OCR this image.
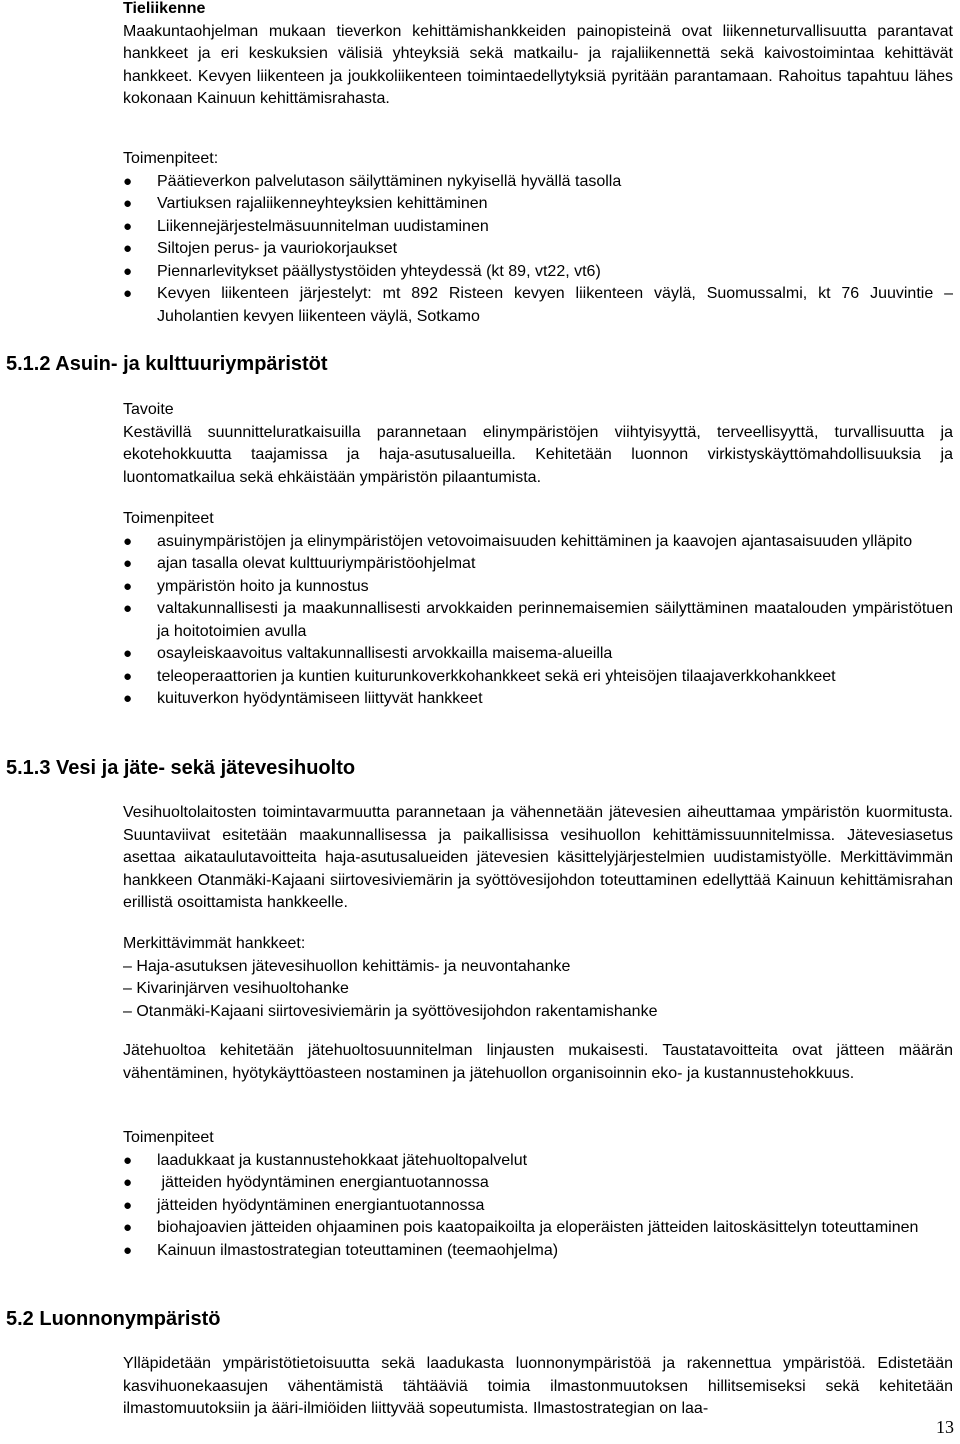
Tieliikenne

Maakuntaohjelman mukaan tieverkon kehittämishankkeiden painopisteinä ovat liikenneturvallisuutta parantavat hankkeet ja eri keskuksien välisiä yhteyksiä sekä matkailu- ja rajaliikennettä sekä kaivostoimintaa kehittävät hankkeet. Kevyen liikenteen ja joukkoliikenteen toimintaedellytyksiä pyritään parantamaan. Rahoitus tapahtuu lähes kokonaan Kainuun kehittämisrahasta.

Toimenpiteet:
● Päätieverkon palvelutason säilyttäminen nykyisellä hyvällä tasolla
● Vartiuksen rajaliikenneyhteyksien kehittäminen
● Liikennejärjestelmäsuunnitelman uudistaminen
● Siltojen perus- ja vauriokorjaukset
● Piennarlevitykset päällystystöiden yhteydessä (kt 89, vt22, vt6)
● Kevyen liikenteen järjestelyt: mt 892 Risteen kevyen liikenteen väylä, Suomussalmi, kt 76 Juuvintie – Juholantien kevyen liikenteen väylä, Sotkamo
5.1.2 Asuin- ja kulttuuriympäristöt
Tavoite

Kestävillä suunnitteluratkaisuilla parannetaan elinympäristöjen viihtyisyyttä, terveellisyyttä, turvallisuutta ja ekotehokkuutta taajamissa ja haja-asutusalueilla. Kehitetään luonnon virkistyskäyttömahdollisuuksia ja luontomatkailua sekä ehkäistään ympäristön pilaantumista.

Toimenpiteet
● asuinympäristöjen ja elinympäristöjen vetovoimaisuuden kehittäminen ja kaavojen ajantasaisuuden ylläpito
● ajan tasalla olevat kulttuuriympäristöohjelmat
● ympäristön hoito ja kunnostus
● valtakunnallisesti ja maakunnallisesti arvokkaiden perinnemaisemien säilyttäminen maatalouden ympäristötuen ja hoitotoimien avulla
● osayleiskaavoitus valtakunnallisesti arvokkailla maisema-alueilla
● teleoperaattorien ja kuntien kuiturunkoverkkohankkeet sekä eri yhteisöjen tilaajaverkkohankkeet
● kuituverkon hyödyntämiseen liittyvät hankkeet
5.1.3 Vesi ja jäte- sekä jätevesihuolto

Vesihuoltolaitosten toimintavarmuutta parannetaan ja vähennetään jätevesien aiheuttamaa ympäristön kuormitusta. Suuntaviivat esitetään maakunnallisessa ja paikallisissa vesihuollon kehittämissuunnitelmissa. Jätevesiasetus asettaa aikataulutavoitteita haja-asutusalueiden jätevesien käsittelyjärjestelmien uudistamistyölle. Merkittävimmän hankkeen Otanmäki-Kajaani siirtovesiviemärin ja syöttövesijohdon toteuttaminen edellyttää Kainuun kehittämisrahan erillistä osoittamista hankkeelle.

Merkittävimmät hankkeet:
– Haja-asutuksen jätevesihuollon kehittämis- ja neuvontahanke
– Kivarinjärven vesihuoltohanke
– Otanmäki-Kajaani siirtovesiviemärin ja syöttövesijohdon rakentamishanke

Jätehuoltoa kehitetään jätehuoltosuunnitelman linjausten mukaisesti. Taustatavoitteita ovat jätteen määrän vähentäminen, hyötykäyttöasteen nostaminen ja jätehuollon organisoinnin eko- ja kustannustehokkuus.

Toimenpiteet
● laadukkaat ja kustannustehokkaat jätehuoltopalvelut
● jätteiden hyödyntäminen energiantuotannossa
● jätteiden hyödyntäminen energiantuotannossa
● biohajoavien jätteiden ohjaaminen pois kaatopaikoilta ja eloperäisten jätteiden laitoskäsittelyn toteuttaminen
● Kainuun ilmastostrategian toteuttaminen (teemaohjelma)
5.2 Luonnonympäristö

Ylläpidetään ympäristötietoisuutta sekä laadukasta luonnonympäristöä ja rakennettua ympäristöä. Edistetään kasvihuonekaasujen vähentämistä tähtääviä toimia ilmastonmuutoksen hillitsemiseksi sekä kehitetään ilmastomuutoksiin ja ääri-ilmiöiden liittyvää sopeutumista. Ilmastostrategian on laa-

13
